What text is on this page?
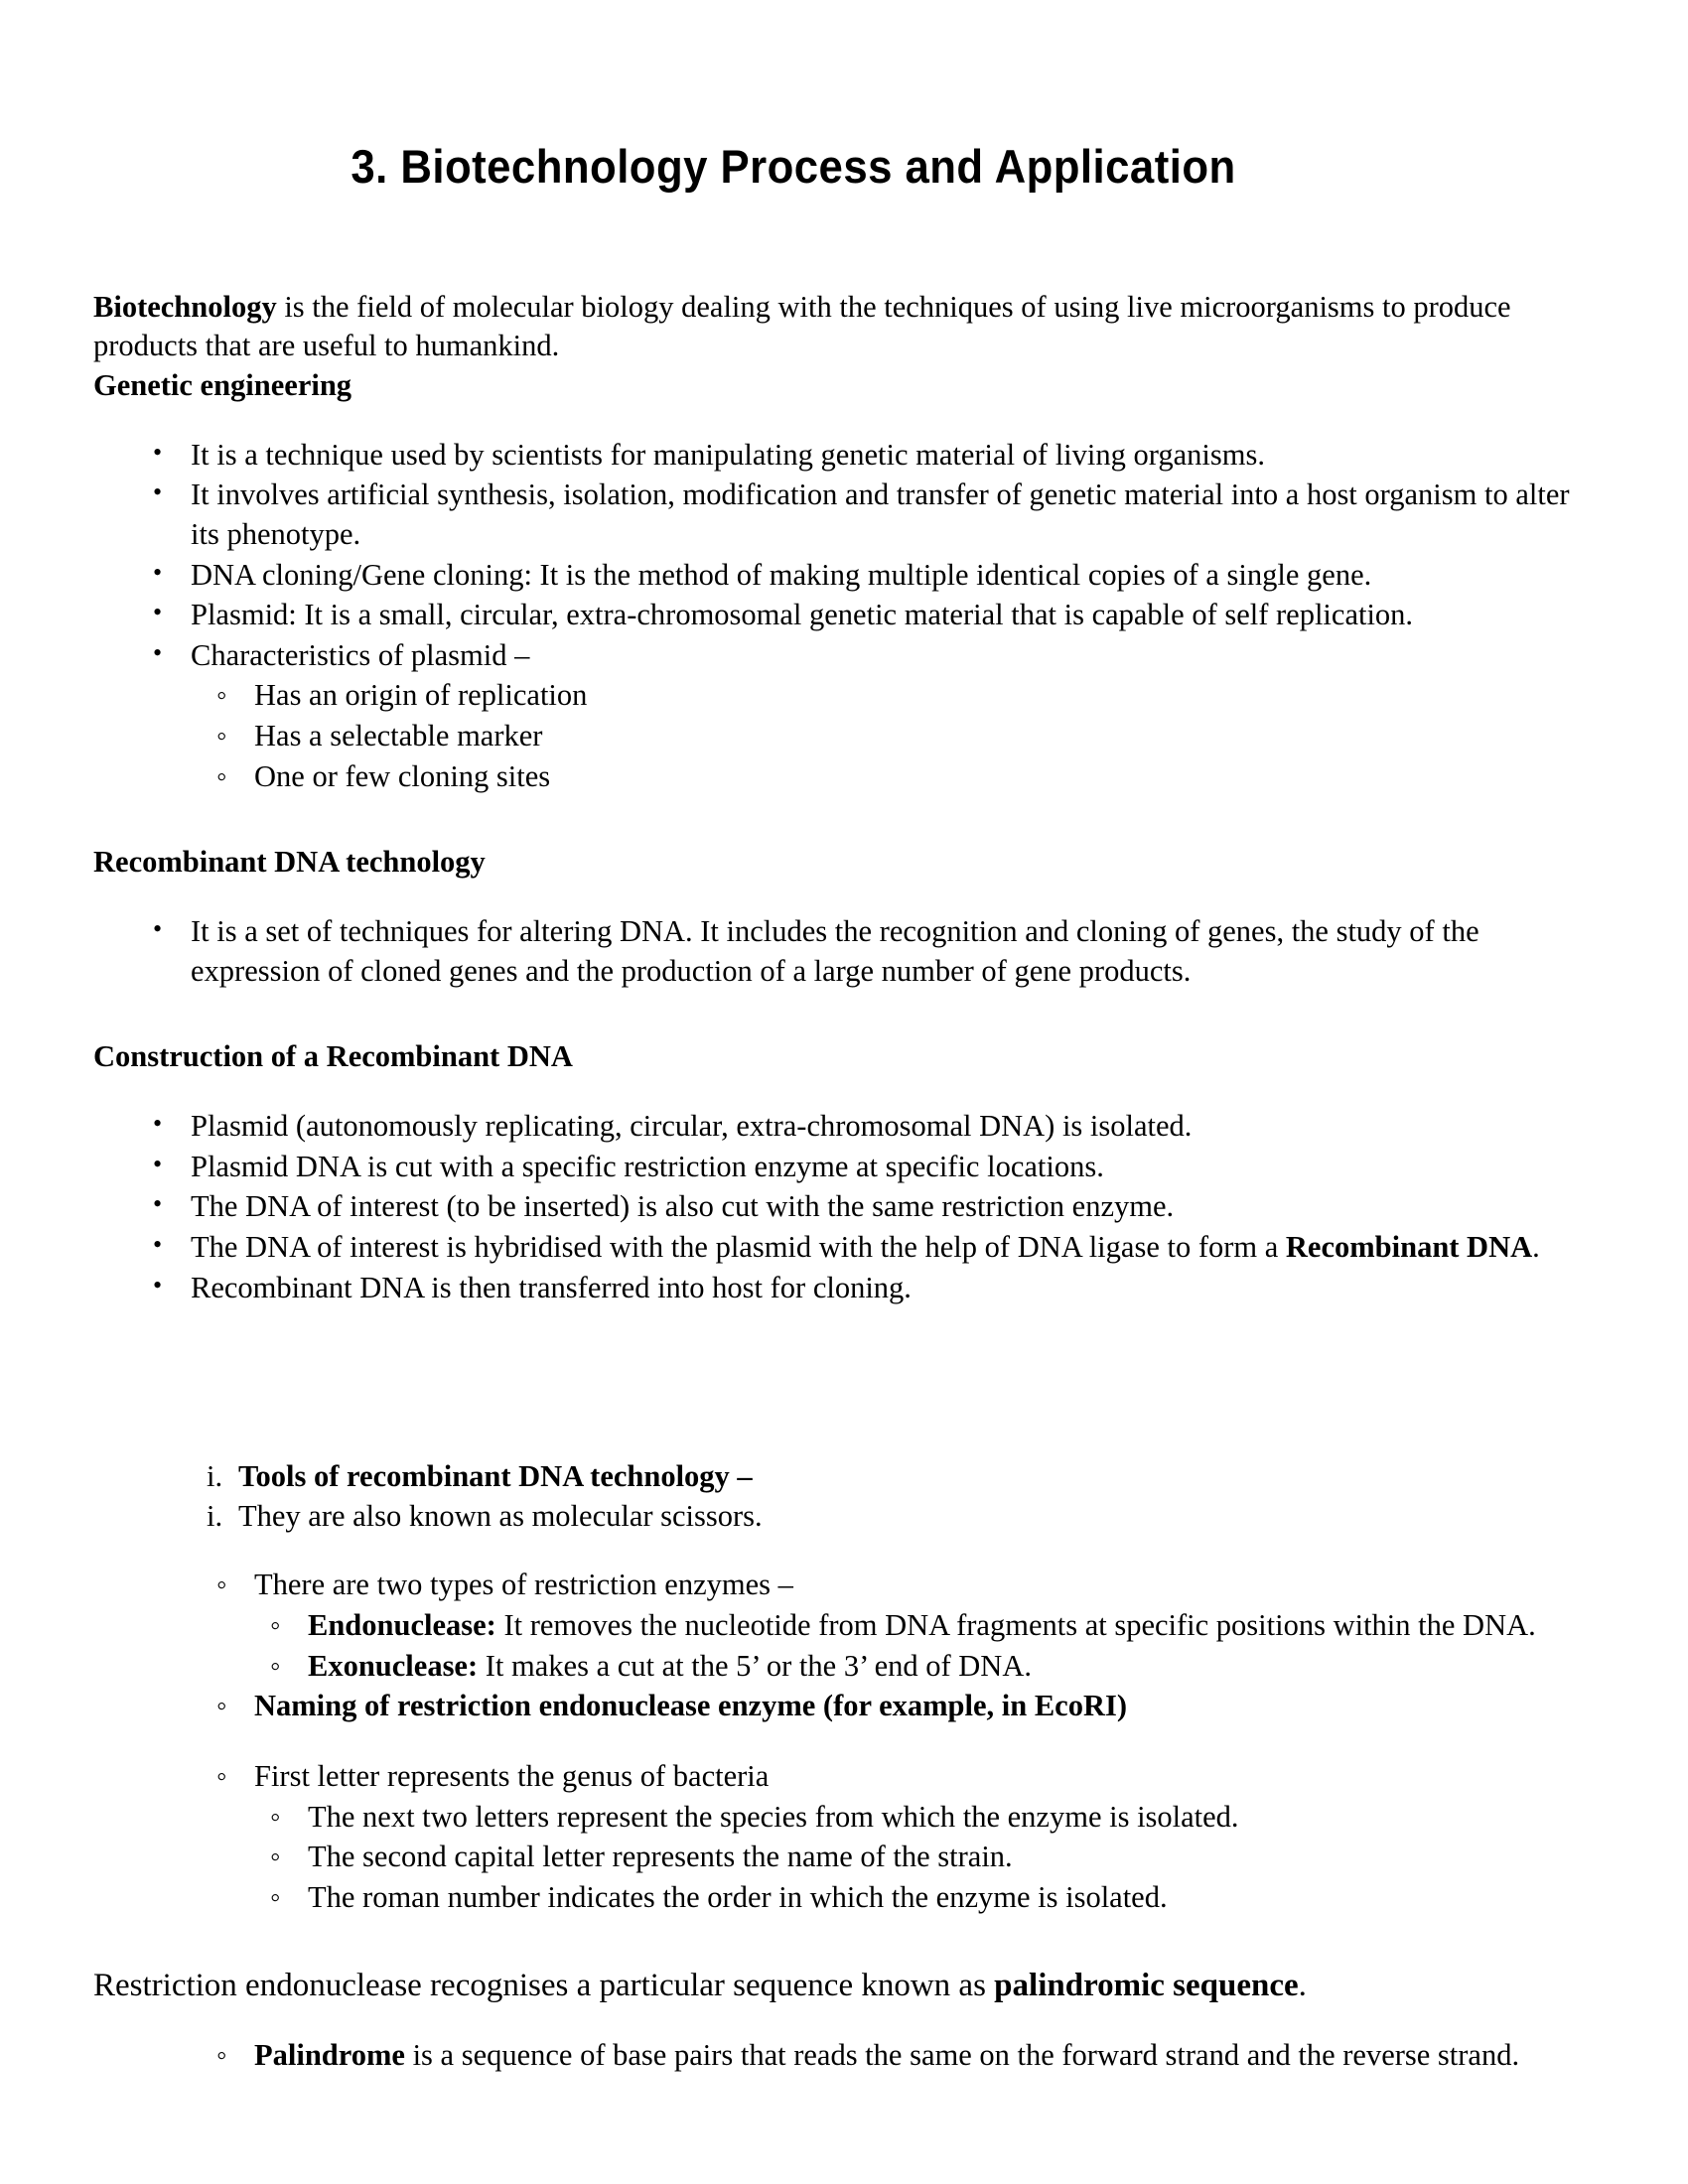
3. Biotechnology Process and Application

Biotechnology is the field of molecular biology dealing with the techniques of using live microorganisms to produce products that are useful to humankind.

Genetic engineering
• It is a technique used by scientists for manipulating genetic material of living organisms.
• It involves artificial synthesis, isolation, modification and transfer of genetic material into a host organism to alter its phenotype.
• DNA cloning/Gene cloning: It is the method of making multiple identical copies of a single gene.
• Plasmid: It is a small, circular, extra-chromosomal genetic material that is capable of self replication.
• Characteristics of plasmid –
◦ Has an origin of replication
◦ Has a selectable marker
◦ One or few cloning sites
Recombinant DNA technology
• It is a set of techniques for altering DNA. It includes the recognition and cloning of genes, the study of the expression of cloned genes and the production of a large number of gene products.
Construction of a Recombinant DNA
• Plasmid (autonomously replicating, circular, extra-chromosomal DNA) is isolated.
• Plasmid DNA is cut with a specific restriction enzyme at specific locations.
• The DNA of interest (to be inserted) is also cut with the same restriction enzyme.
• The DNA of interest is hybridised with the plasmid with the help of DNA ligase to form a Recombinant DNA.
• Recombinant DNA is then transferred into host for cloning.
i. Tools of recombinant DNA technology –
i. They are also known as molecular scissors.
◦ There are two types of restriction enzymes –
◦ Endonuclease: It removes the nucleotide from DNA fragments at specific positions within the DNA.
◦ Exonuclease: It makes a cut at the 5’ or the 3’ end of DNA.
◦ Naming of restriction endonuclease enzyme (for example, in EcoRI)
◦ First letter represents the genus of bacteria
◦ The next two letters represent the species from which the enzyme is isolated.
◦ The second capital letter represents the name of the strain.
◦ The roman number indicates the order in which the enzyme is isolated.

Restriction endonuclease recognises a particular sequence known as palindromic sequence.

◦ Palindrome is a sequence of base pairs that reads the same on the forward strand and the reverse strand.
